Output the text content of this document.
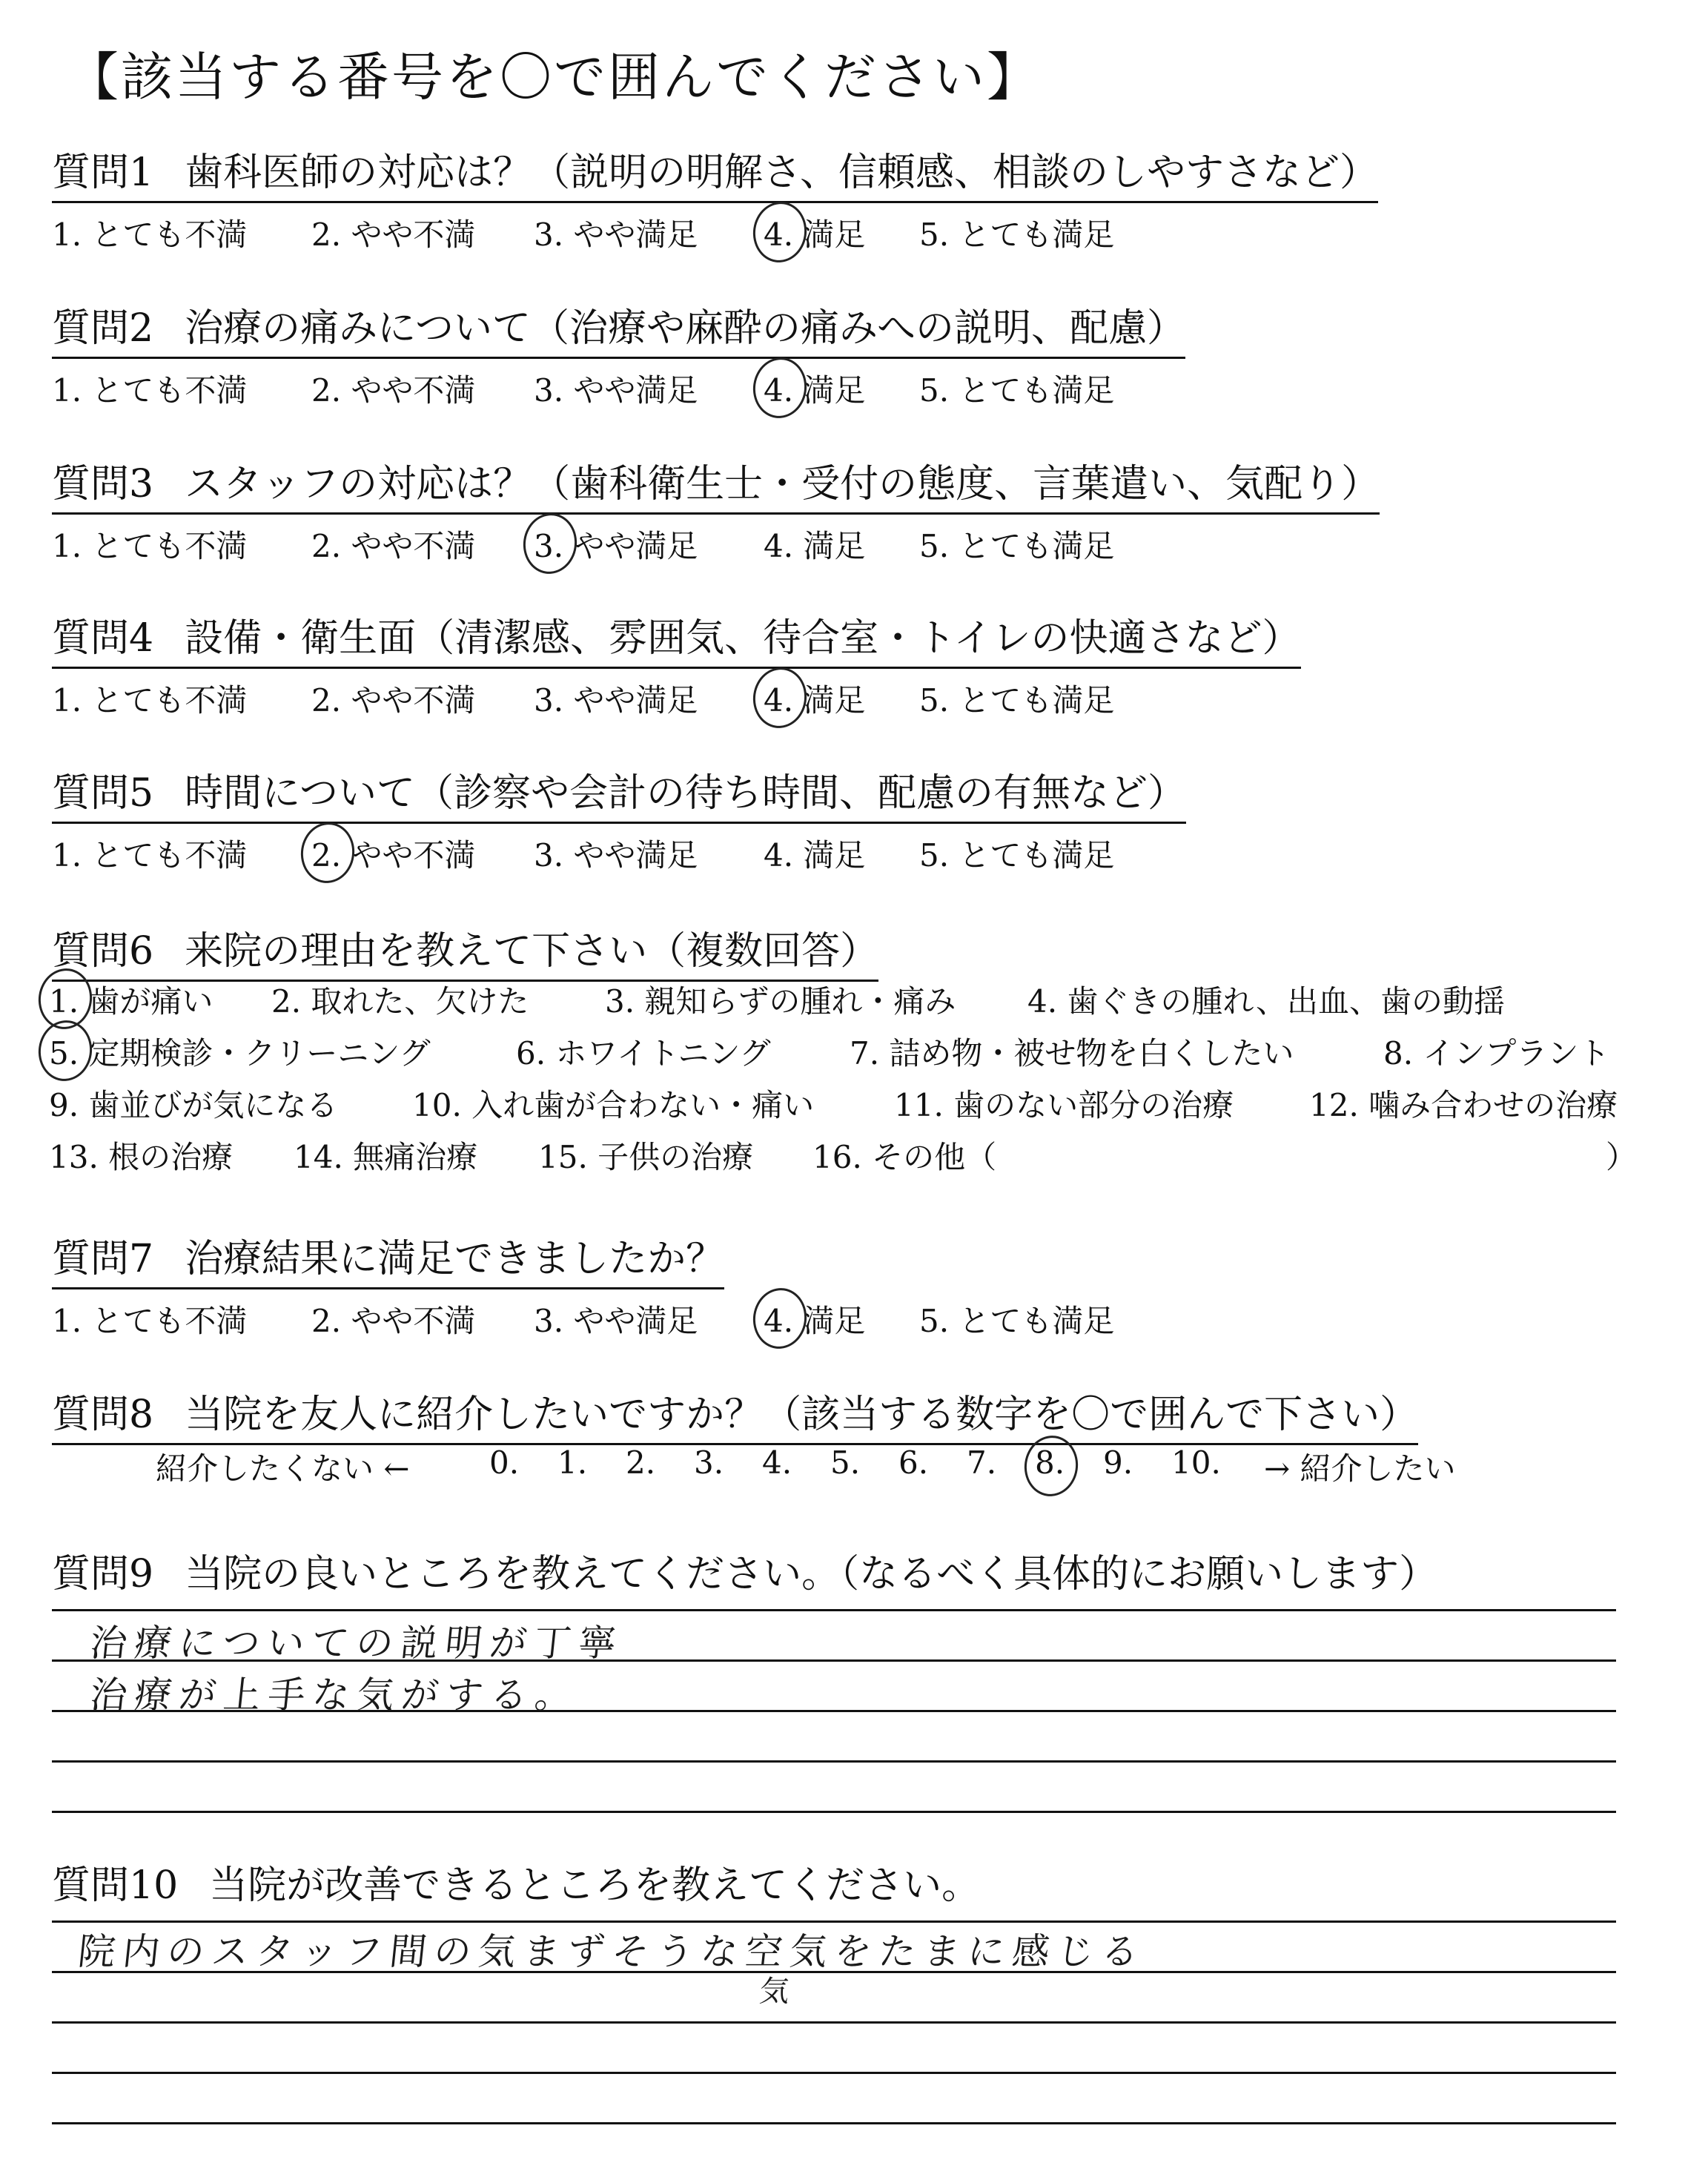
【該当する番号を〇で囲んでください】
質問1 歯科医師の対応は？（説明の明解さ、信頼感、相談のしやすさなど）
1. とても不満 2. やや不満 3. やや満足 4. 満足 5. とても満足
質問2 治療の痛みについて（治療や麻酔の痛みへの説明、配慮）
1. とても不満 2. やや不満 3. やや満足 4. 満足 5. とても満足
質問3 スタッフの対応は？（歯科衛生士・受付の態度、言葉遣い、気配り）
1. とても不満 2. やや不満 3. やや満足 4. 満足 5. とても満足
質問4 設備・衛生面（清潔感、雰囲気、待合室・トイレの快適さなど）
1. とても不満 2. やや不満 3. やや満足 4. 満足 5. とても満足
質問5 時間について（診察や会計の待ち時間、配慮の有無など）
1. とても不満 2. やや不満 3. やや満足 4. 満足 5. とても満足
質問6 来院の理由を教えて下さい（複数回答）
1. 歯が痛い 2. 取れた、欠けた 3. 親知らずの腫れ・痛み 4. 歯ぐきの腫れ、出血、歯の動揺
5. 定期検診・クリーニング	6. ホワイトニング	7. 詰め物・被せ物を白くしたい	8. インプラント
9. 歯並びが気になる 10. 入れ歯が合わない・痛い	11. 歯のない部分の治療 12. 噛み合わせの治療
13. 根の治療 14. 無痛治療 15. 子供の治療 16. その他（	）
質問7 治療結果に満足できましたか？
1. とても不満 2. やや不満 3. やや満足 4. 満足 5. とても満足
質問8 当院を友人に紹介したいですか？（該当する数字を〇で囲んで下さい）
紹介したくない ←	0. 1. 2. 3. 4. 5. 6. 7. 8. 9. 10. → 紹介したい
質問9 当院の良いところを教えてください。（なるべく具体的にお願いします）
治療についての説明が丁寧
治療が上手な気がする。
質問10 当院が改善できるところを教えてください。
院内のスタッフ間の気まずそうな空気をたまに感じる
気
